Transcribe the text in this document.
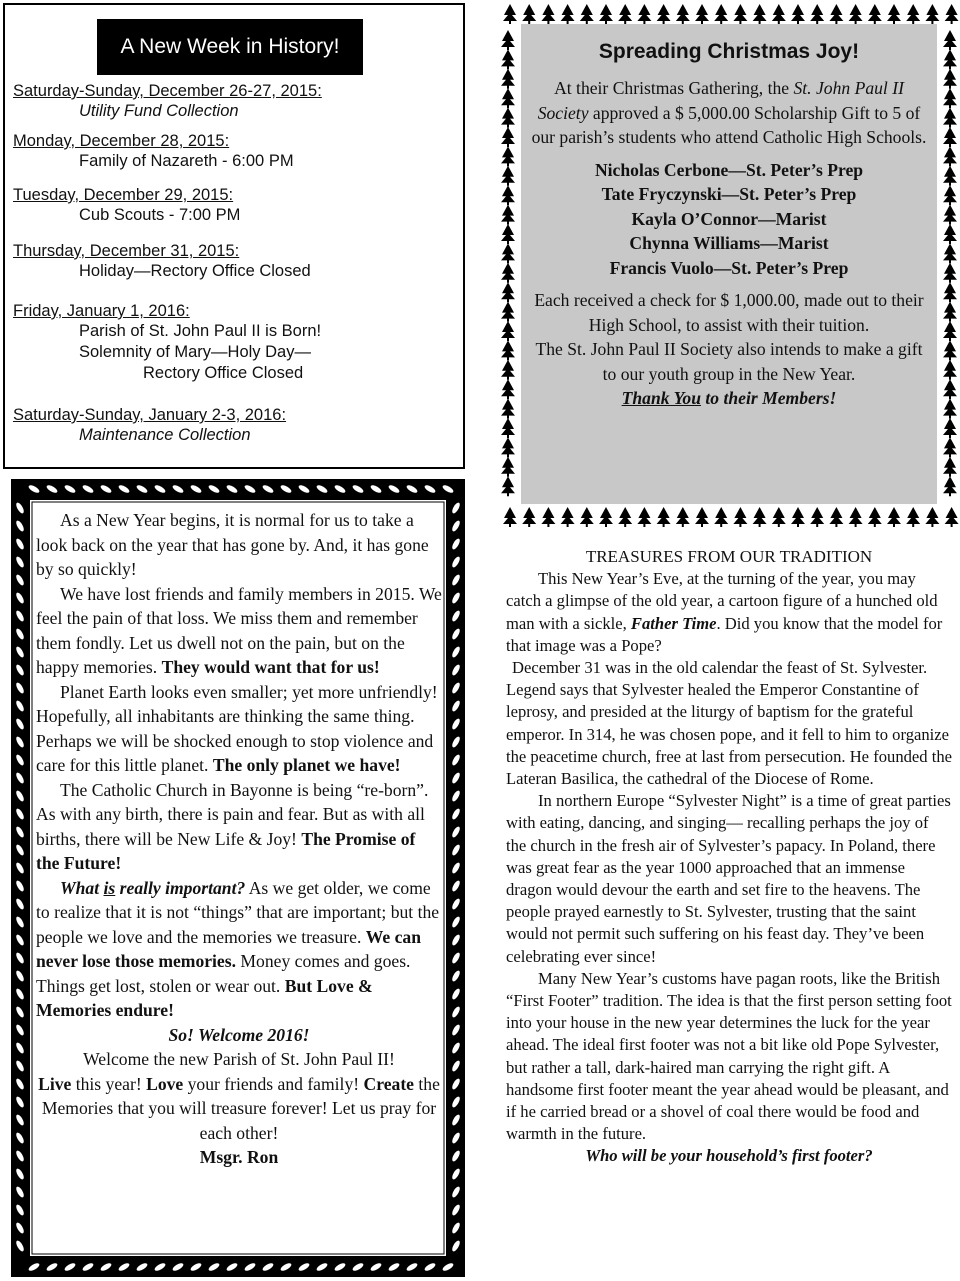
A New Week in History!
Saturday-Sunday, December 26-27, 2015:
Utility Fund Collection
Monday, December 28, 2015:
Family of Nazareth - 6:00 PM
Tuesday, December 29, 2015:
Cub Scouts - 7:00 PM
Thursday, December 31, 2015:
Holiday—Rectory Office Closed
Friday, January 1, 2016:
Parish of St. John Paul II is Born!
Solemnity of Mary—Holy Day—
Rectory Office Closed
Saturday-Sunday, January 2-3, 2016:
Maintenance Collection

As a New Year begins, it is normal for us to take a look back on the year that has gone by. And, it has gone by so quickly!

We have lost friends and family members in 2015. We feel the pain of that loss. We miss them and remember them fondly. Let us dwell not on the pain, but on the happy memories. They would want that for us!

Planet Earth looks even smaller; yet more unfriendly! Hopefully, all inhabitants are thinking the same thing. Perhaps we will be shocked enough to stop violence and care for this little planet. The only planet we have!

The Catholic Church in Bayonne is being “re-born”. As with any birth, there is pain and fear. But as with all births, there will be New Life & Joy! The Promise of the Future!

What is really important? As we get older, we come to realize that it is not “things” that are important; but the people we love and the memories we treasure. We can never lose those memories. Money comes and goes. Things get lost, stolen or wear out. But Love & Memories endure!

So! Welcome 2016!

Welcome the new Parish of St. John Paul II!

Live this year! Love your friends and family! Create the Memories that you will treasure forever! Let us pray for each other!

Msgr. Ron

Spreading Christmas Joy!

At their Christmas Gathering, the St. John Paul II Society approved a $ 5,000.00 Scholarship Gift to 5 of our parish’s students who attend Catholic High Schools.

Nicholas Cerbone—St. Peter’s Prep

Tate Fryczynski—St. Peter’s Prep

Kayla O’Connor—Marist

Chynna Williams—Marist

Francis Vuolo—St. Peter’s Prep

Each received a check for $ 1,000.00, made out to their High School, to assist with their tuition.

The St. John Paul II Society also intends to make a gift to our youth group in the New Year.

Thank You to their Members!

TREASURES FROM OUR TRADITION

This New Year’s Eve, at the turning of the year, you may catch a glimpse of the old year, a cartoon figure of a hunched old man with a sickle, Father Time. Did you know that the model for that image was a Pope?

December 31 was in the old calendar the feast of St. Sylvester. Legend says that Sylvester healed the Emperor Constantine of leprosy, and presided at the liturgy of baptism for the grateful emperor. In 314, he was chosen pope, and it fell to him to organize the peacetime church, free at last from persecution. He founded the Lateran Basilica, the cathedral of the Diocese of Rome.

In northern Europe “Sylvester Night” is a time of great parties with eating, dancing, and singing— recalling perhaps the joy of the church in the fresh air of Sylvester’s papacy. In Poland, there was great fear as the year 1000 approached that an immense dragon would devour the earth and set fire to the heavens. The people prayed earnestly to St. Sylvester, trusting that the saint would not permit such suffering on his feast day. They’ve been celebrating ever since!

Many New Year’s customs have pagan roots, like the British “First Footer” tradition. The idea is that the first person setting foot into your house in the new year determines the luck for the year ahead. The ideal first footer was not a bit like old Pope Sylvester, but rather a tall, dark-haired man carrying the right gift. A handsome first footer meant the year ahead would be pleasant, and if he carried bread or a shovel of coal there would be food and warmth in the future.

Who will be your household’s first footer?
